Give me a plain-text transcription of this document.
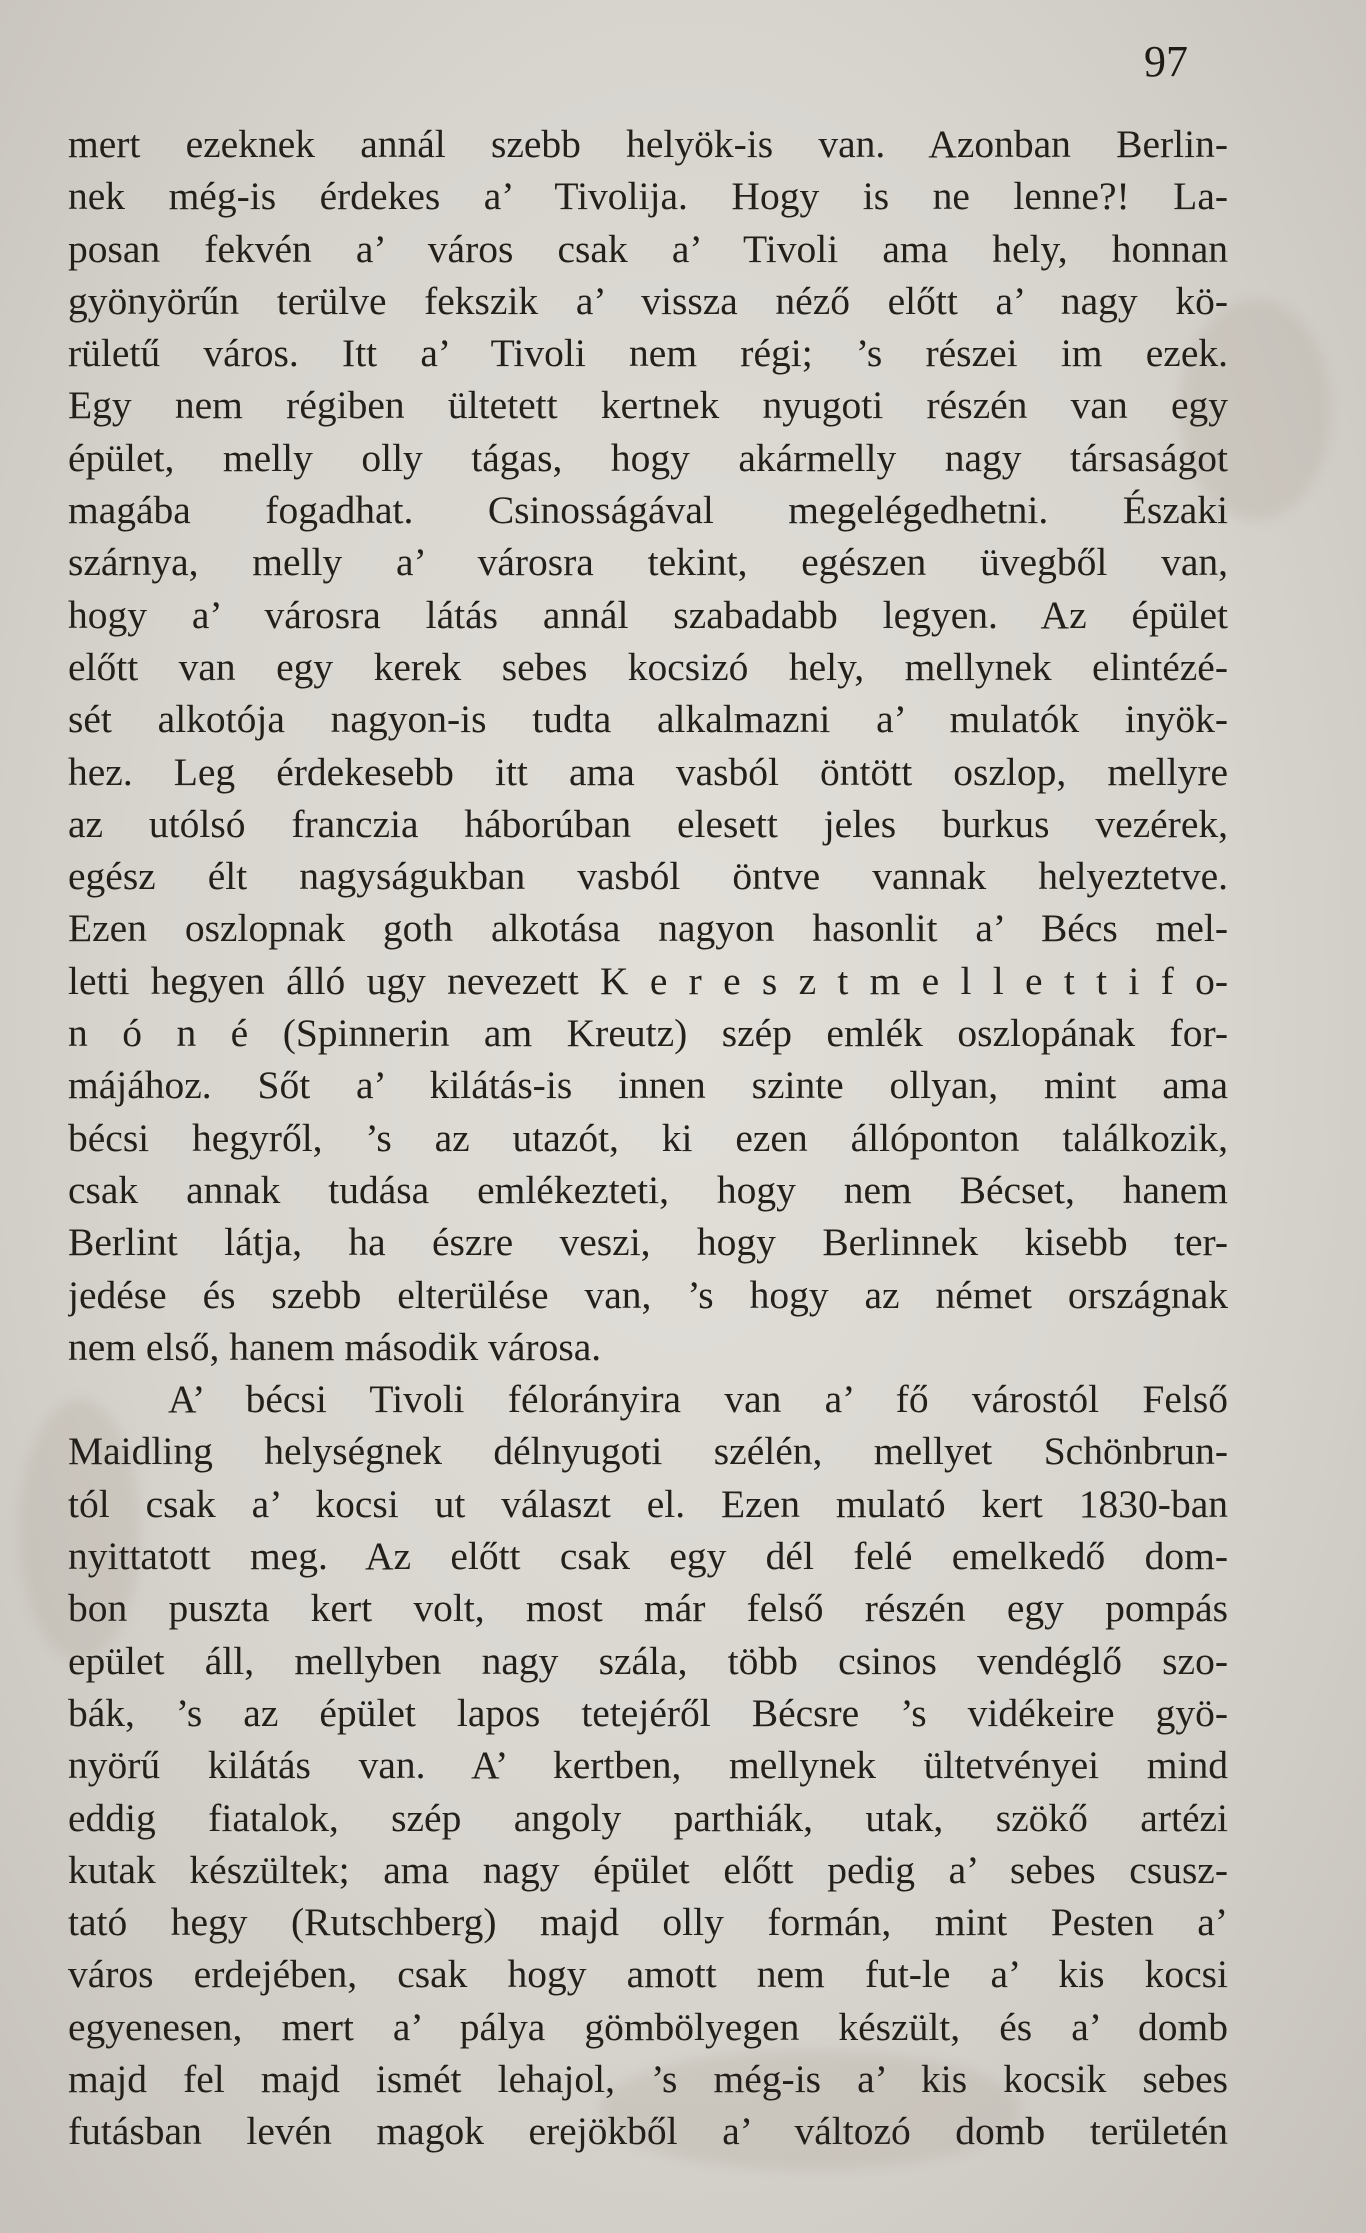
97
mert ezeknek annál szebb helyök-is van. Azonban Berlin-
nek még-is érdekes a’ Tivolija. Hogy is ne lenne?! La-
posan fekvén a’ város csak a’ Tivoli ama hely, honnan
gyönyörűn terülve fekszik a’ vissza néző előtt a’ nagy kö-
rületű város. Itt a’ Tivoli nem régi; ’s részei im ezek.
Egy nem régiben ültetett kertnek nyugoti részén van egy
épület, melly olly tágas, hogy akármelly nagy társaságot
magába fogadhat. Csinosságával megelégedhetni. Északi
szárnya, melly a’ városra tekint, egészen üvegből van,
hogy a’ városra látás annál szabadabb legyen. Az épület
előtt van egy kerek sebes kocsizó hely, mellynek elintézé-
sét alkotója nagyon-is tudta alkalmazni a’ mulatók inyök-
hez. Leg érdekesebb itt ama vasból öntött oszlop, mellyre
az utólsó franczia háborúban elesett jeles burkus vezérek,
egész élt nagyságukban vasból öntve vannak helyeztetve.
Ezen oszlopnak goth alkotása nagyon hasonlit a’ Bécs mel-
letti hegyen álló ugy nevezett K e r e s z t m e l l e t t i f o-
n ó n é (Spinnerin am Kreutz) szép emlék oszlopának for-
májához. Sőt a’ kilátás-is innen szinte ollyan, mint ama
bécsi hegyről, ’s az utazót, ki ezen állóponton találkozik,
csak annak tudása emlékezteti, hogy nem Bécset, hanem
Berlint látja, ha észre veszi, hogy Berlinnek kisebb ter-
jedése és szebb elterülése van, ’s hogy az német országnak
nem első, hanem második városa.
A’ bécsi Tivoli félorányira van a’ fő várostól Felső
Maidling helységnek délnyugoti szélén, mellyet Schönbrun-
tól csak a’ kocsi ut választ el. Ezen mulató kert 1830-ban
nyittatott meg. Az előtt csak egy dél felé emelkedő dom-
bon puszta kert volt, most már felső részén egy pompás
epület áll, mellyben nagy szála, több csinos vendéglő szo-
bák, ’s az épület lapos tetejéről Bécsre ’s vidékeire gyö-
nyörű kilátás van. A’ kertben, mellynek ültetvényei mind
eddig fiatalok, szép angoly parthiák, utak, szökő artézi
kutak készültek; ama nagy épület előtt pedig a’ sebes csusz-
tató hegy (Rutschberg) majd olly formán, mint Pesten a’
város erdejében, csak hogy amott nem fut-le a’ kis kocsi
egyenesen, mert a’ pálya gömbölyegen készült, és a’ domb
majd fel majd ismét lehajol, ’s még-is a’ kis kocsik sebes
futásban levén magok erejökből a’ változó domb területén
